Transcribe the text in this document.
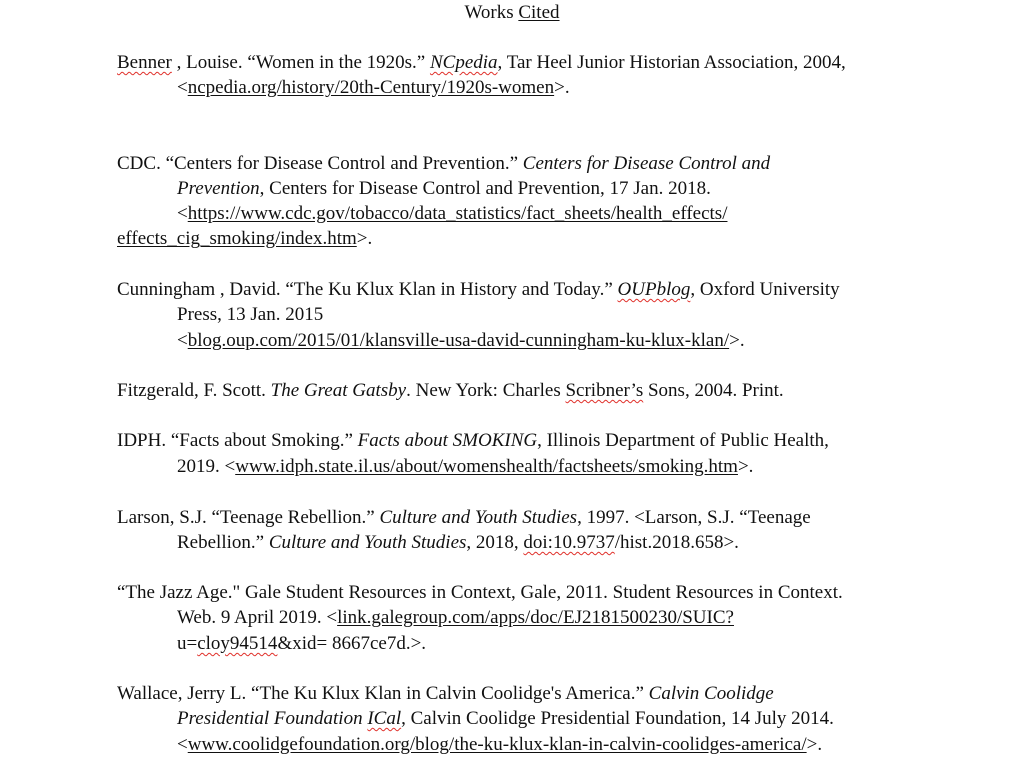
Works Cited
Benner , Louise. “Women in the 1920s.” NCpedia, Tar Heel Junior Historian Association, 2004,
<ncpedia.org/history/20th-Century/1920s-women>.
CDC. “Centers for Disease Control and Prevention.” Centers for Disease Control and
Prevention, Centers for Disease Control and Prevention, 17 Jan. 2018.
<https://www.cdc.gov/tobacco/data_statistics/fact_sheets/health_effects/
effects_cig_smoking/index.htm>.
Cunningham , David. “The Ku Klux Klan in History and Today.” OUPblog, Oxford University
Press, 13 Jan. 2015
<blog.oup.com/2015/01/klansville-usa-david-cunningham-ku-klux-klan/>.
Fitzgerald, F. Scott. The Great Gatsby. New York: Charles Scribner’s Sons, 2004. Print.
IDPH. “Facts about Smoking.” Facts about SMOKING, Illinois Department of Public Health,
2019. <www.idph.state.il.us/about/womenshealth/factsheets/smoking.htm>.
Larson, S.J. “Teenage Rebellion.” Culture and Youth Studies, 1997. <Larson, S.J. “Teenage
Rebellion.” Culture and Youth Studies, 2018, doi:10.9737/hist.2018.658>.
“The Jazz Age." Gale Student Resources in Context, Gale, 2011. Student Resources in Context.
Web. 9 April 2019. <link.galegroup.com/apps/doc/EJ2181500230/SUIC?
u=cloy94514&xid= 8667ce7d.>.
Wallace, Jerry L. “The Ku Klux Klan in Calvin Coolidge's America.” Calvin Coolidge
Presidential Foundation ICal, Calvin Coolidge Presidential Foundation, 14 July 2014.
<www.coolidgefoundation.org/blog/the-ku-klux-klan-in-calvin-coolidges-america/>.
